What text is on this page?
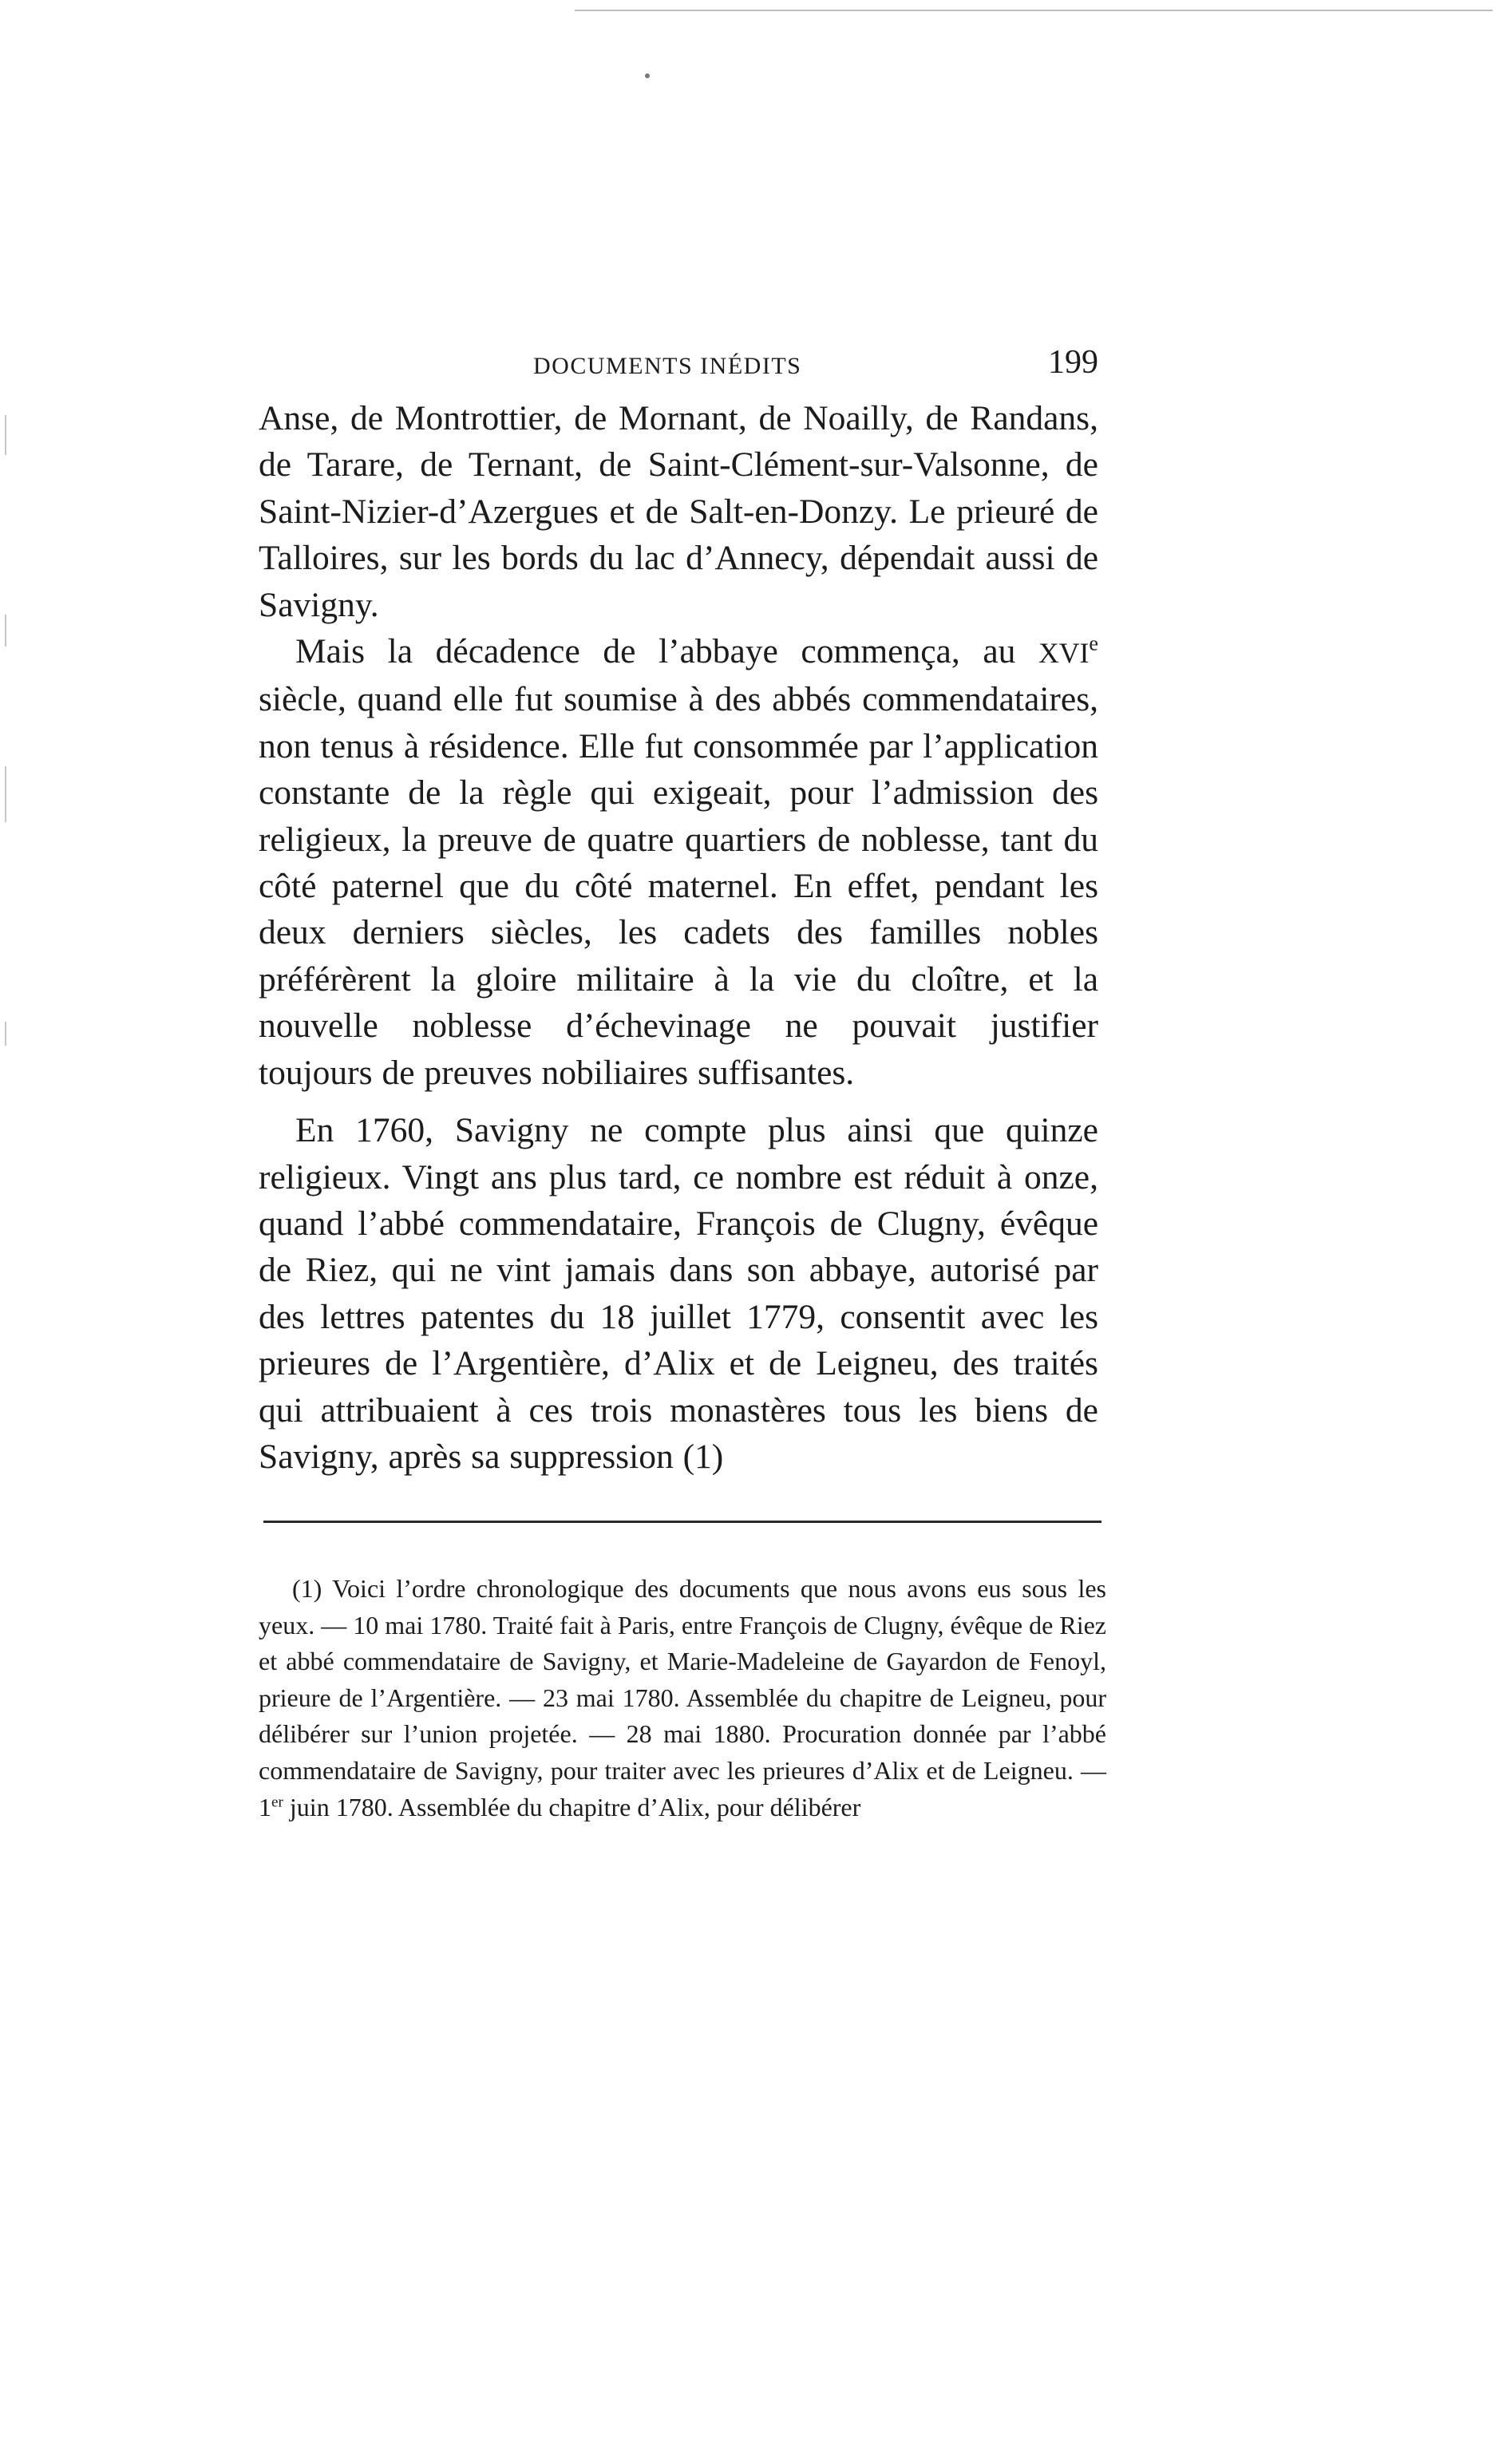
DOCUMENTS INÉDITS	199

Anse, de Montrottier, de Mornant, de Noailly, de Randans, de Tarare, de Ternant, de Saint-Clément-sur-Valsonne, de Saint-Nizier-d’Azergues et de Salt-en-Donzy. Le prieuré de Talloires, sur les bords du lac d’Annecy, dépendait aussi de Savigny.

Mais la décadence de l’abbaye commença, au XVIe siècle, quand elle fut soumise à des abbés commendataires, non tenus à résidence. Elle fut consommée par l’application constante de la règle qui exigeait, pour l’admission des religieux, la preuve de quatre quartiers de noblesse, tant du côté paternel que du côté maternel. En effet, pendant les deux derniers siècles, les cadets des familles nobles préférèrent la gloire militaire à la vie du cloître, et la nouvelle noblesse d’échevinage ne pouvait justifier toujours de preuves nobiliaires suffisantes.

En 1760, Savigny ne compte plus ainsi que quinze religieux. Vingt ans plus tard, ce nombre est réduit à onze, quand l’abbé commendataire, François de Clugny, évêque de Riez, qui ne vint jamais dans son abbaye, autorisé par des lettres patentes du 18 juillet 1779, consentit avec les prieures de l’Argentière, d’Alix et de Leigneu, des traités qui attribuaient à ces trois monastères tous les biens de Savigny, après sa suppression (1)

(1) Voici l’ordre chronologique des documents que nous avons eus sous les yeux. — 10 mai 1780. Traité fait à Paris, entre François de Clugny, évêque de Riez et abbé commendataire de Savigny, et Marie-Madeleine de Gayardon de Fenoyl, prieure de l’Argentière. — 23 mai 1780. Assemblée du chapitre de Leigneu, pour délibérer sur l’union projetée. — 28 mai 1880. Procuration donnée par l’abbé commendataire de Savigny, pour traiter avec les prieures d’Alix et de Leigneu. — 1er juin 1780. Assemblée du chapitre d’Alix, pour délibérer
